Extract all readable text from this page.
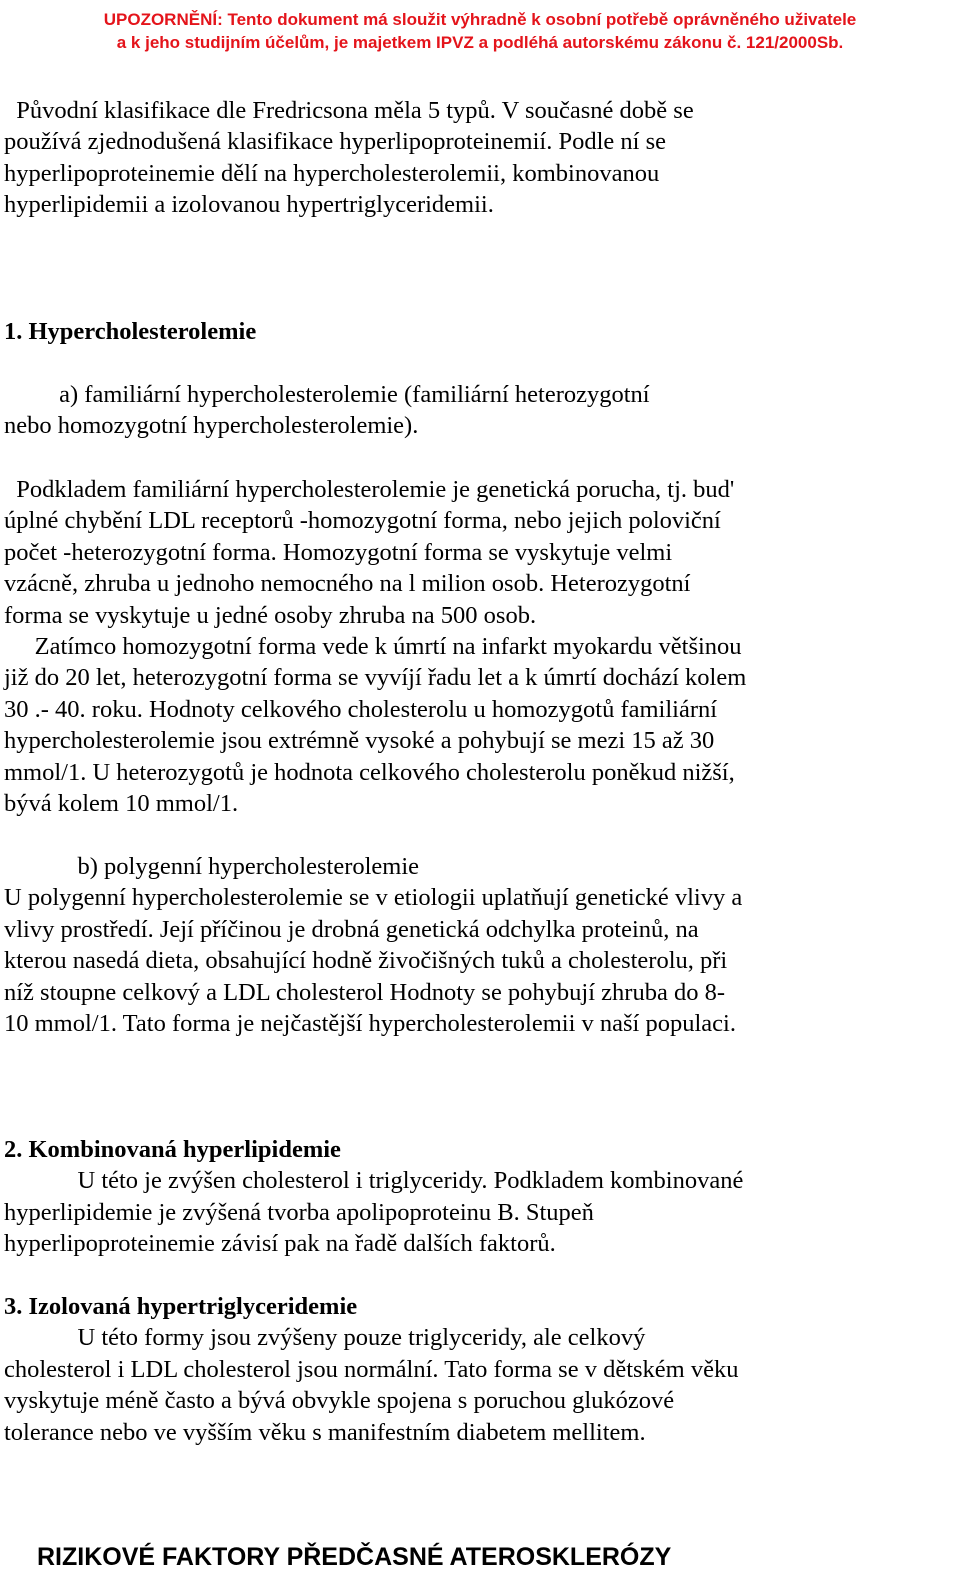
UPOZORNĚNÍ: Tento dokument má sloužit výhradně k osobní potřebě oprávněného uživatele
a k jeho studijním účelům, je majetkem IPVZ a podléhá autorskému zákonu č. 121/2000Sb.
Původní klasifikace dle Fredricsona měla 5 typů. V současné době se
používá zjednodušená klasifikace hyperlipoproteinemií. Podle ní se
hyperlipoproteinemie dělí na hypercholesterolemii, kombinovanou
hyperlipidemii a izolovanou hypertriglyceridemii.
1. Hypercholesterolemie
a) familiární hypercholesterolemie (familiární heterozygotní
nebo homozygotní hypercholesterolemie).
Podkladem familiární hypercholesterolemie je genetická porucha, tj. bud'
úplné chybění LDL receptorů -homozygotní forma, nebo jejich poloviční
počet -heterozygotní forma. Homozygotní forma se vyskytuje velmi
vzácně, zhruba u jednoho nemocného na l milion osob. Heterozygotní
forma se vyskytuje u jedné osoby zhruba na 500 osob.
Zatímco homozygotní forma vede k úmrtí na infarkt myokardu většinou
již do 20 let, heterozygotní forma se vyvíjí řadu let a k úmrtí dochází kolem
30 .- 40. roku. Hodnoty celkového cholesterolu u homozygotů familiární
hypercholesterolemie jsou extrémně vysoké a pohybují se mezi 15 až 30
mmol/1. U heterozygotů je hodnota celkového cholesterolu poněkud nižší,
bývá kolem 10 mmol/1.
b) polygenní hypercholesterolemie
U polygenní hypercholesterolemie se v etiologii uplatňují genetické vlivy a
vlivy prostředí. Její příčinou je drobná genetická odchylka proteinů, na
kterou nasedá dieta, obsahující hodně živočišných tuků a cholesterolu, při
níž stoupne celkový a LDL cholesterol Hodnoty se pohybují zhruba do 8-
10 mmol/1. Tato forma je nejčastější hypercholesterolemii v naší populaci.
2. Kombinovaná hyperlipidemie
U této je zvýšen cholesterol i triglyceridy. Podkladem kombinované
hyperlipidemie je zvýšená tvorba apolipoproteinu B. Stupeň
hyperlipoproteinemie závisí pak na řadě dalších faktorů.
3. Izolovaná hypertriglyceridemie
U této formy jsou zvýšeny pouze triglyceridy, ale celkový
cholesterol i LDL cholesterol jsou normální. Tato forma se v dětském věku
vyskytuje méně často a bývá obvykle spojena s poruchou glukózové
tolerance nebo ve vyšším věku s manifestním diabetem mellitem.
RIZIKOVÉ FAKTORY PŘEDČASNÉ ATEROSKLERÓZY
